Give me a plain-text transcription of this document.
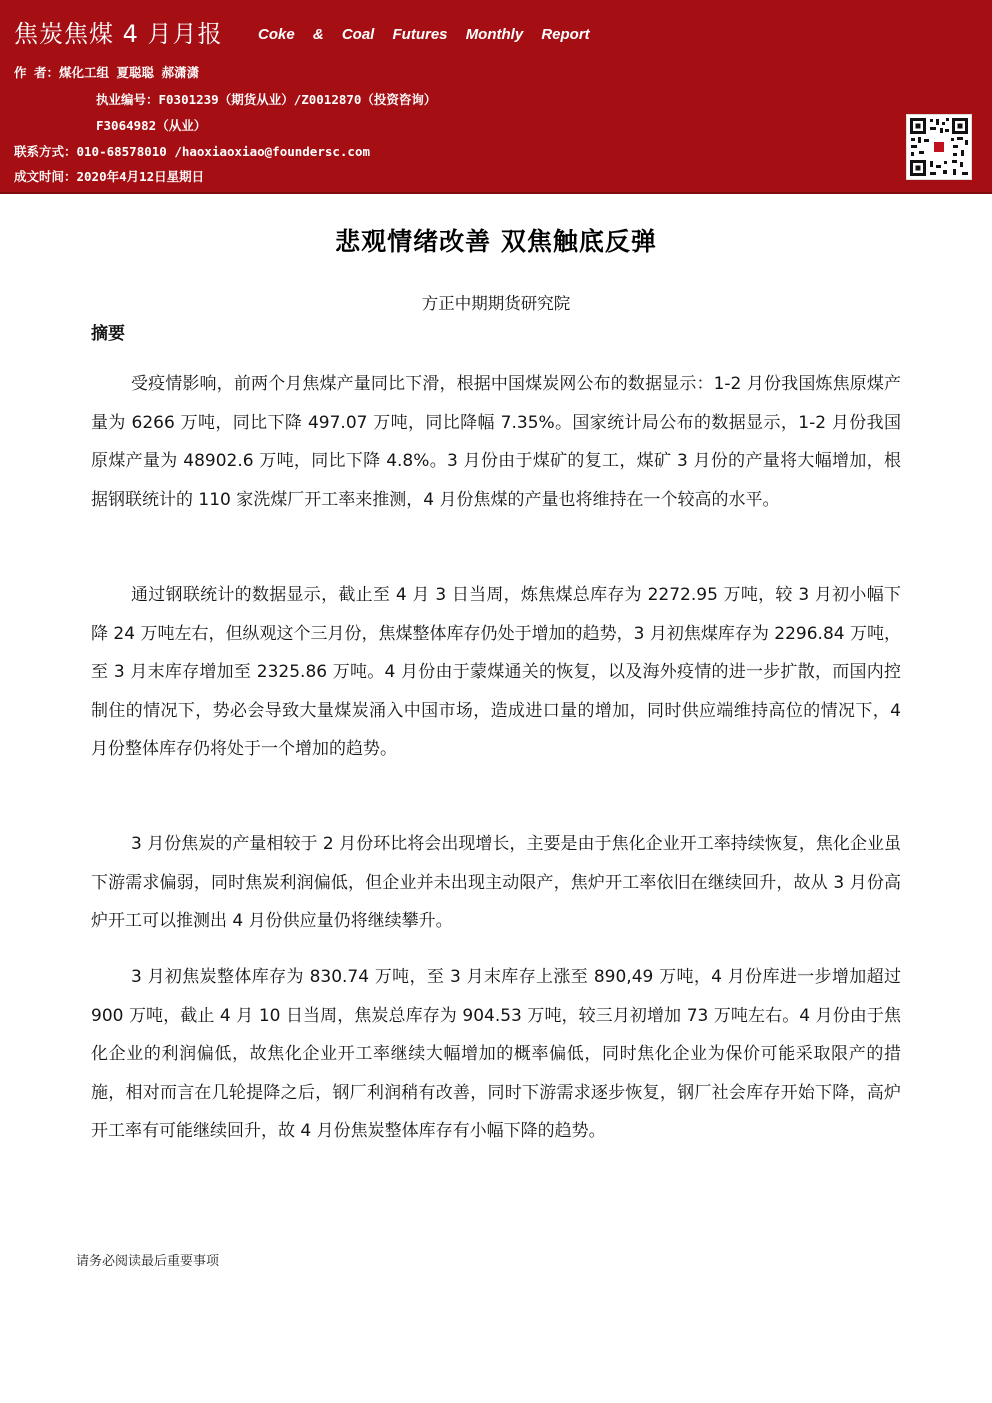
焦炭焦煤 4 月月报 Coke & Coal Futures Monthly Report
作 者：煤化工组 夏聪聪 郝潇潇
执业编号：F0301239（期货从业）/Z0012870（投资咨询）
F3064982（从业）
联系方式：010-68578010 /haoxiaoxiao@foundersc.com
成文时间：2020年4月12日星期日
悲观情绪改善 双焦触底反弹
方正中期期货研究院
摘要

受疫情影响，前两个月焦煤产量同比下滑，根据中国煤炭网公布的数据显示：1-2 月份我国炼焦原煤产量为 6266 万吨，同比下降 497.07 万吨，同比降幅 7.35%。国家统计局公布的数据显示，1-2 月份我国原煤产量为 48902.6 万吨，同比下降 4.8%。3 月份由于煤矿的复工，煤矿 3 月份的产量将大幅增加，根据钢联统计的 110 家洗煤厂开工率来推测，4 月份焦煤的产量也将维持在一个较高的水平。

通过钢联统计的数据显示，截止至 4 月 3 日当周，炼焦煤总库存为 2272.95 万吨，较 3 月初小幅下降 24 万吨左右，但纵观这个三月份，焦煤整体库存仍处于增加的趋势，3 月初焦煤库存为 2296.84 万吨，至 3 月末库存增加至 2325.86 万吨。4 月份由于蒙煤通关的恢复，以及海外疫情的进一步扩散，而国内控制住的情况下，势必会导致大量煤炭涌入中国市场，造成进口量的增加，同时供应端维持高位的情况下，4 月份整体库存仍将处于一个增加的趋势。

3 月份焦炭的产量相较于 2 月份环比将会出现增长，主要是由于焦化企业开工率持续恢复，焦化企业虽下游需求偏弱，同时焦炭利润偏低，但企业并未出现主动限产，焦炉开工率依旧在继续回升，故从 3 月份高炉开工可以推测出 4 月份供应量仍将继续攀升。

3 月初焦炭整体库存为 830.74 万吨，至 3 月末库存上涨至 890,49 万吨，4 月份库进一步增加超过 900 万吨，截止 4 月 10 日当周，焦炭总库存为 904.53 万吨，较三月初增加 73 万吨左右。4 月份由于焦化企业的利润偏低，故焦化企业开工率继续大幅增加的概率偏低，同时焦化企业为保价可能采取限产的措施，相对而言在几轮提降之后，钢厂利润稍有改善，同时下游需求逐步恢复，钢厂社会库存开始下降，高炉开工率有可能继续回升，故 4 月份焦炭整体库存有小幅下降的趋势。

请务必阅读最后重要事项
